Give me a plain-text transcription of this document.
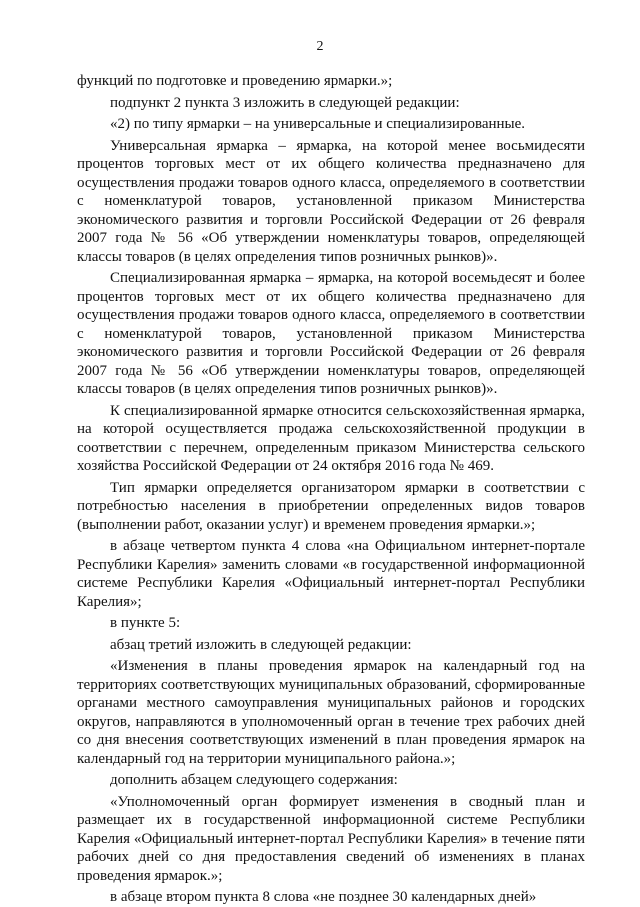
2
функций по подготовке и проведению ярмарки.»;
подпункт 2 пункта 3 изложить в следующей редакции:
«2) по типу ярмарки – на универсальные и специализированные.
Универсальная ярмарка – ярмарка, на которой менее восьмидесяти
процентов торговых мест от их общего количества предназначено для
осуществления продажи товаров одного класса, определяемого в соответствии
с номенклатурой товаров, установленной приказом Министерства
экономического развития и торговли Российской Федерации от 26 февраля
2007 года № 56 «Об утверждении номенклатуры товаров, определяющей
классы товаров (в целях определения типов розничных рынков)».
Специализированная ярмарка – ярмарка, на которой восемьдесят и более
процентов торговых мест от их общего количества предназначено для
осуществления продажи товаров одного класса, определяемого в соответствии
с номенклатурой товаров, установленной приказом Министерства
экономического развития и торговли Российской Федерации от 26 февраля
2007 года № 56 «Об утверждении номенклатуры товаров, определяющей
классы товаров (в целях определения типов розничных рынков)».
К специализированной ярмарке относится сельскохозяйственная ярмарка,
на которой осуществляется продажа сельскохозяйственной продукции в
соответствии с перечнем, определенным приказом Министерства сельского
хозяйства Российской Федерации от 24 октября 2016 года № 469.
Тип ярмарки определяется организатором ярмарки в соответствии с
потребностью населения в приобретении определенных видов товаров
(выполнении работ, оказании услуг) и временем проведения ярмарки.»;
в абзаце четвертом пункта 4 слова «на Официальном интернет-портале
Республики Карелия» заменить словами «в государственной информационной
системе Республики Карелия «Официальный интернет-портал Республики
Карелия»;
в пункте 5:
абзац третий изложить в следующей редакции:
«Изменения в планы проведения ярмарок на календарный год на
территориях соответствующих муниципальных образований, сформированные
органами местного самоуправления муниципальных районов и городских
округов, направляются в уполномоченный орган в течение трех рабочих дней
со дня внесения соответствующих изменений в план проведения ярмарок на
календарный год на территории муниципального района.»;
дополнить абзацем следующего содержания:
«Уполномоченный орган формирует изменения в сводный план и
размещает их в государственной информационной системе Республики
Карелия «Официальный интернет-портал Республики Карелия» в течение пяти
рабочих дней со дня предоставления сведений об изменениях в планах
проведения ярмарок.»;
в абзаце втором пункта 8 слова «не позднее 30 календарных дней»
